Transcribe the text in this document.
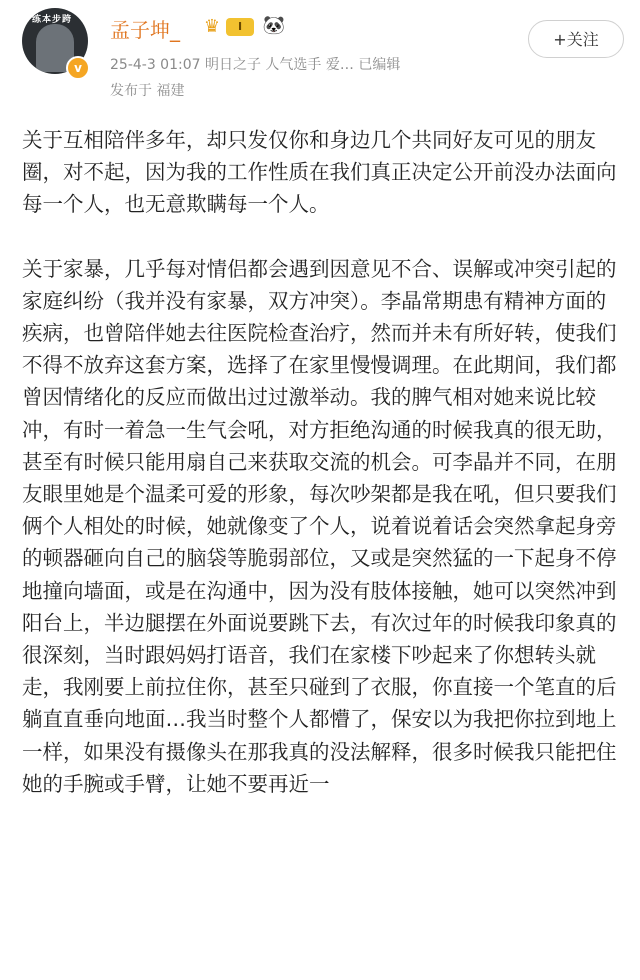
练本步跨
v
孟子坤_	♛	I	🐼
25-4-3 01:07 明日之子 人气选手 爱… 已编辑
发布于 福建
+关注

关于互相陪伴多年，却只发仅你和身边几个共同好友可见的朋友圈，对不起，因为我的工作性质在我们真正决定公开前没办法面向每一个人，也无意欺瞒每一个人。

关于家暴，几乎每对情侣都会遇到因意见不合、误解或冲突引起的家庭纠纷（我并没有家暴，双方冲突）。李晶常期患有精神方面的疾病，也曾陪伴她去往医院检查治疗，然而并未有所好转，使我们不得不放弃这套方案，选择了在家里慢慢调理。在此期间，我们都曾因情绪化的反应而做出过过激举动。我的脾气相对她来说比较冲，有时一着急一生气会吼，对方拒绝沟通的时候我真的很无助，甚至有时候只能用扇自己来获取交流的机会。可李晶并不同，在朋友眼里她是个温柔可爱的形象，每次吵架都是我在吼，但只要我们俩个人相处的时候，她就像变了个人，说着说着话会突然拿起身旁的顿器砸向自己的脑袋等脆弱部位，又或是突然猛的一下起身不停地撞向墙面，或是在沟通中，因为没有肢体接触，她可以突然冲到阳台上，半边腿摆在外面说要跳下去，有次过年的时候我印象真的很深刻，当时跟妈妈打语音，我们在家楼下吵起来了你想转头就走，我刚要上前拉住你，甚至只碰到了衣服，你直接一个笔直的后躺直直垂向地面…我当时整个人都懵了，保安以为我把你拉到地上一样，如果没有摄像头在那我真的没法解释，很多时候我只能把住她的手腕或手臂，让她不要再近一
